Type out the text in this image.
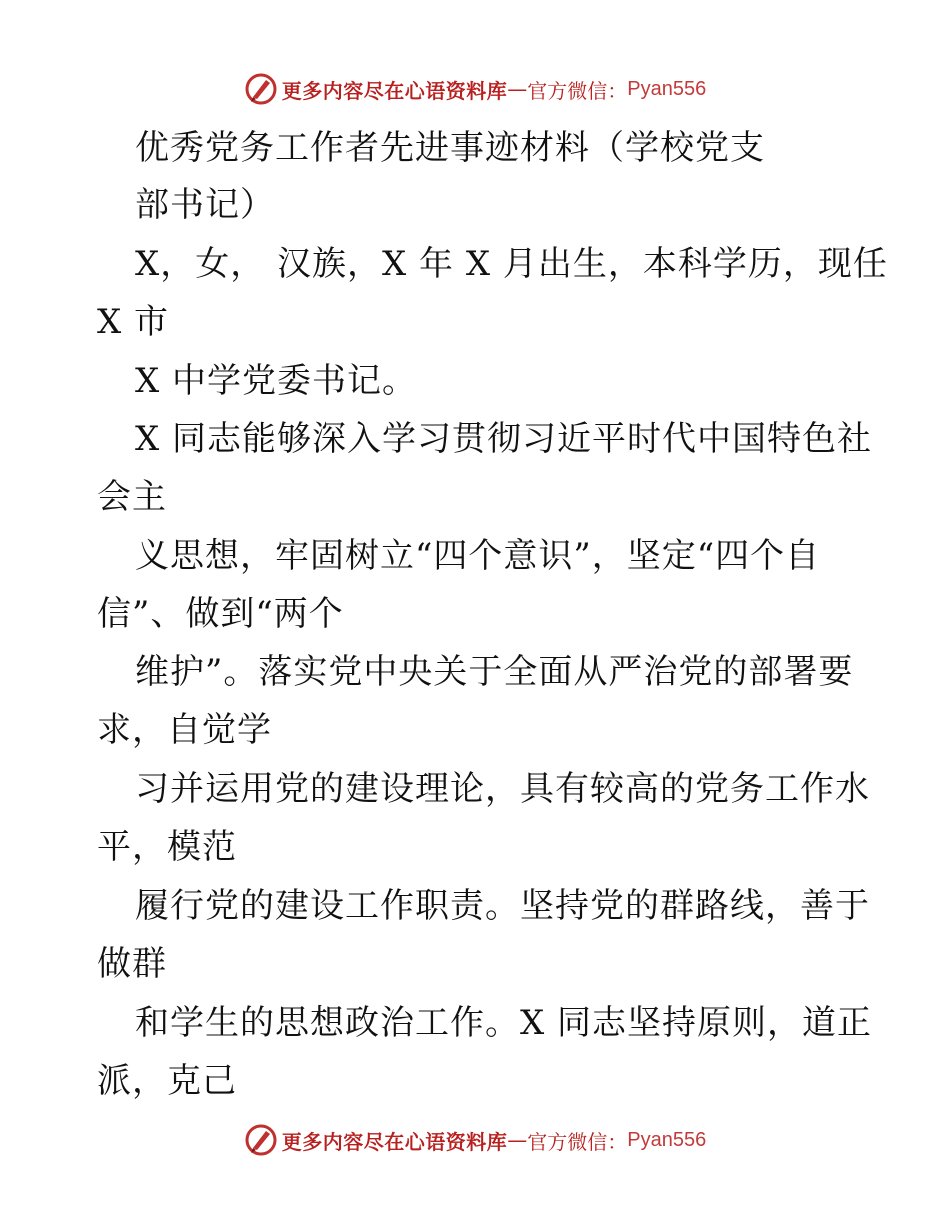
更多内容尽在心语资料库 — 官方微信： Pyan556
优秀党务工作者先进事迹材料（学校党支
部书记）
X，女， 汉族，X 年 X 月出生，本科学历，现任
X 市
X 中学党委书记。
X 同志能够深入学习贯彻习近平时代中国特色社
会主
义思想，牢固树立“四个意识”，坚定“四个自
信”、做到“两个
维护”。落实党中央关于全面从严治党的部署要
求，自觉学
习并运用党的建设理论，具有较高的党务工作水
平，模范
履行党的建设工作职责。坚持党的群路线，善于
做群
和学生的思想政治工作。X 同志坚持原则，道正
派，克己
更多内容尽在心语资料库 — 官方微信： Pyan556
